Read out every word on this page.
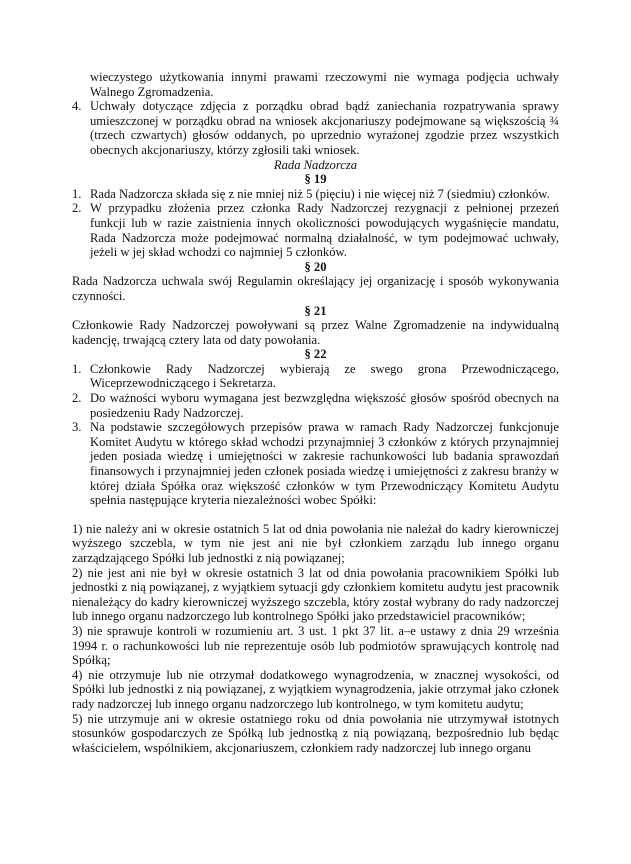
wieczystego użytkowania innymi prawami rzeczowymi nie wymaga podjęcia uchwały Walnego Zgromadzenia.
4. Uchwały dotyczące zdjęcia z porządku obrad bądź zaniechania rozpatrywania sprawy umieszczonej w porządku obrad na wniosek akcjonariuszy podejmowane są większością ¾ (trzech czwartych) głosów oddanych, po uprzednio wyrażonej zgodzie przez wszystkich obecnych akcjonariuszy, którzy zgłosili taki wniosek.
Rada Nadzorcza
§ 19
1. Rada Nadzorcza składa się z nie mniej niż 5 (pięciu) i nie więcej niż 7 (siedmiu) członków.
2. W przypadku złożenia przez członka Rady Nadzorczej rezygnacji z pełnionej przezeń funkcji lub w razie zaistnienia innych okoliczności powodujących wygaśnięcie mandatu, Rada Nadzorcza może podejmować normalną działalność, w tym podejmować uchwały, jeżeli w jej skład wchodzi co najmniej 5 członków.
§ 20
Rada Nadzorcza uchwala swój Regulamin określający jej organizację i sposób wykonywania czynności.
§ 21
Członkowie Rady Nadzorczej powoływani są przez Walne Zgromadzenie na indywidualną kadencję, trwającą cztery lata od daty powołania.
§ 22
1. Członkowie Rady Nadzorczej wybierają ze swego grona Przewodniczącego, Wiceprzewodniczącego i Sekretarza.
2. Do ważności wyboru wymagana jest bezwzględna większość głosów spośród obecnych na posiedzeniu Rady Nadzorczej.
3. Na podstawie szczegółowych przepisów prawa w ramach Rady Nadzorczej funkcjonuje Komitet Audytu w którego skład wchodzi przynajmniej 3 członków z których przynajmniej jeden posiada wiedzę i umiejętności w zakresie rachunkowości lub badania sprawozdań finansowych i przynajmniej jeden członek posiada wiedzę i umiejętności z zakresu branży w której działa Spółka oraz większość członków w tym Przewodniczący Komitetu Audytu spełnia następujące kryteria niezależności wobec Spółki:
1) nie należy ani w okresie ostatnich 5 lat od dnia powołania nie należał do kadry kierowniczej wyższego szczebla, w tym nie jest ani nie był członkiem zarządu lub innego organu zarządzającego Spółki lub jednostki z nią powiązanej;
2) nie jest ani nie był w okresie ostatnich 3 lat od dnia powołania pracownikiem Spółki lub jednostki z nią powiązanej, z wyjątkiem sytuacji gdy członkiem komitetu audytu jest pracownik nienależący do kadry kierowniczej wyższego szczebla, który został wybrany do rady nadzorczej lub innego organu nadzorczego lub kontrolnego Spółki jako przedstawiciel pracowników;
3) nie sprawuje kontroli w rozumieniu art. 3 ust. 1 pkt 37 lit. a–e ustawy z dnia 29 września 1994 r. o rachunkowości lub nie reprezentuje osób lub podmiotów sprawujących kontrolę nad Spółką;
4) nie otrzymuje lub nie otrzymał dodatkowego wynagrodzenia, w znacznej wysokości, od Spółki lub jednostki z nią powiązanej, z wyjątkiem wynagrodzenia, jakie otrzymał jako członek rady nadzorczej lub innego organu nadzorczego lub kontrolnego, w tym komitetu audytu;
5) nie utrzymuje ani w okresie ostatniego roku od dnia powołania nie utrzymywał istotnych stosunków gospodarczych ze Spółką lub jednostką z nią powiązaną, bezpośrednio lub będąc właścicielem, wspólnikiem, akcjonariuszem, członkiem rady nadzorczej lub innego organu
